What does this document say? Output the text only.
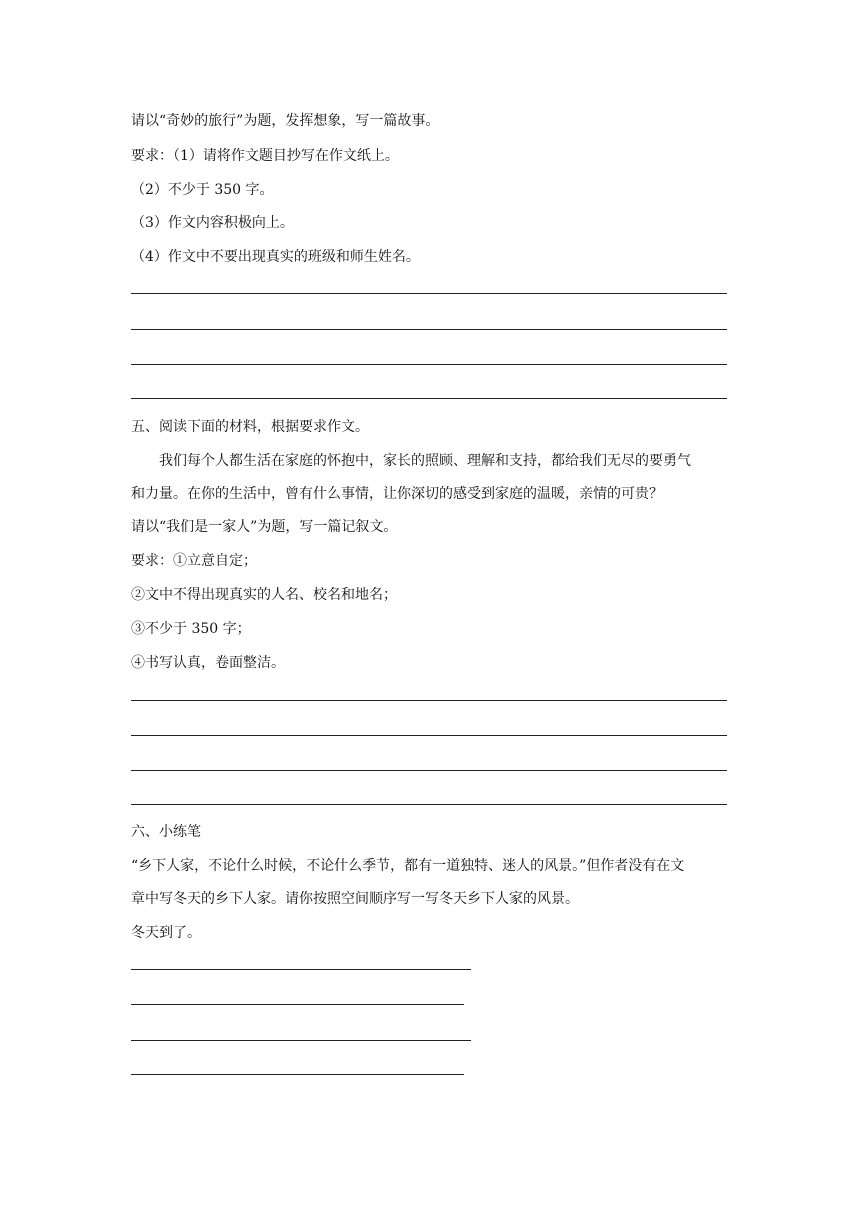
请以“奇妙的旅行”为题，发挥想象，写一篇故事。
要求：（1）请将作文题目抄写在作文纸上。
（2）不少于 350 字。
（3）作文内容积极向上。
（4）作文中不要出现真实的班级和师生姓名。
五、阅读下面的材料，根据要求作文。
我们每个人都生活在家庭的怀抱中，家长的照顾、理解和支持，都给我们无尽的要勇气
和力量。在你的生活中，曾有什么事情，让你深切的感受到家庭的温暖，亲情的可贵？
请以“我们是一家人”为题，写一篇记叙文。
要求：①立意自定；
②文中不得出现真实的人名、校名和地名；
③不少于 350 字；
④书写认真，卷面整洁。
六、小练笔
“乡下人家，不论什么时候，不论什么季节，都有一道独特、迷人的风景。”但作者没有在文
章中写冬天的乡下人家。请你按照空间顺序写一写冬天乡下人家的风景。
冬天到了。
